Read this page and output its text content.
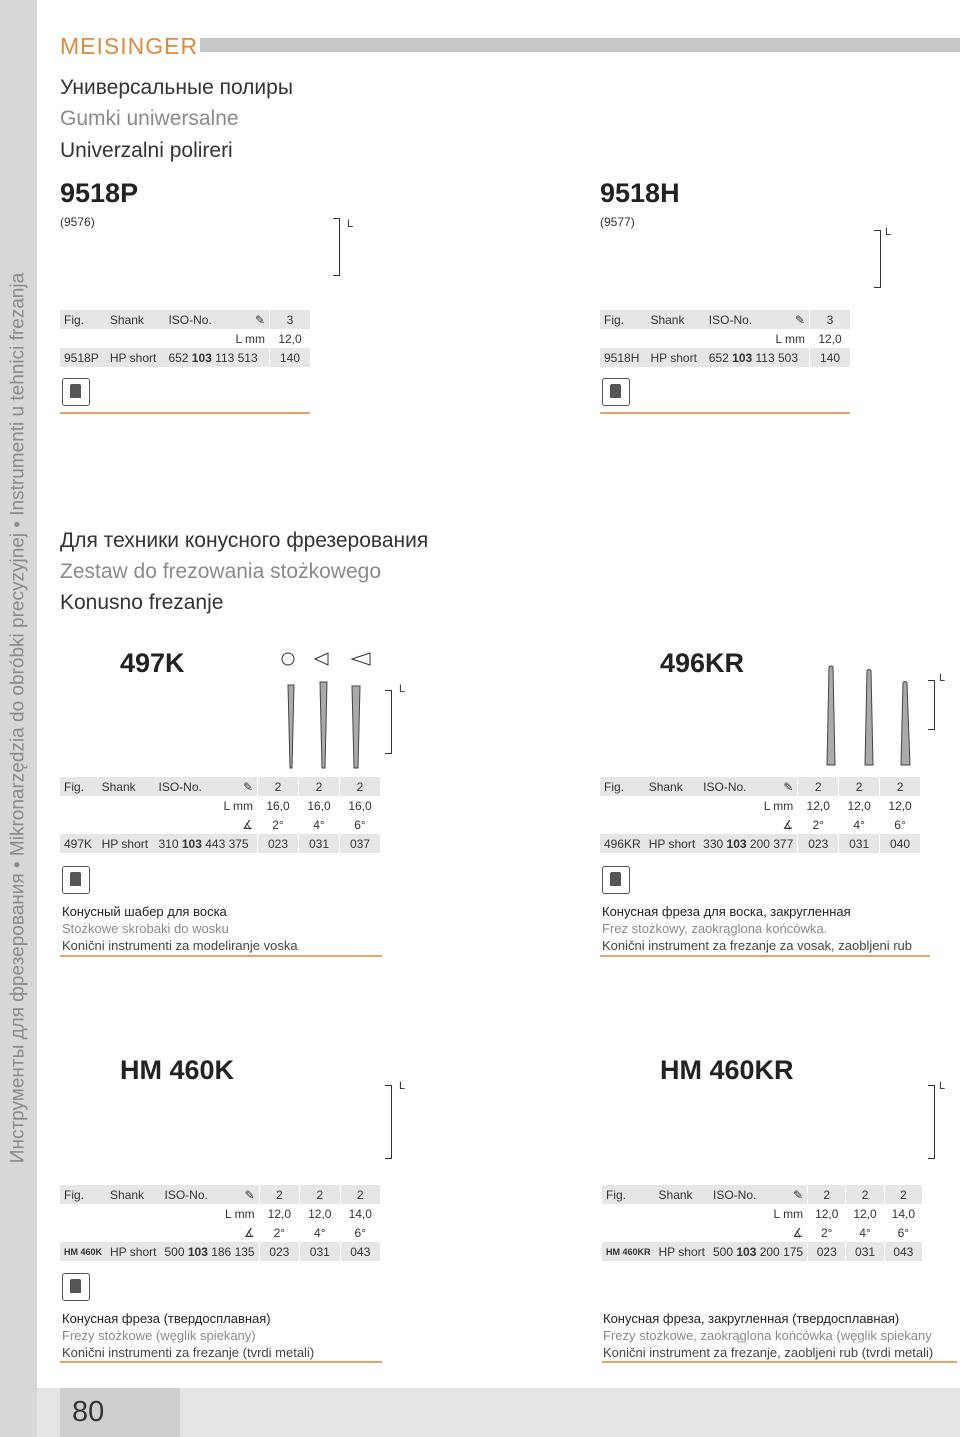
Инструменты для фрезерования • Mikronarzędzia do obróbki precyzyjnej • Instrumenti u tehnici frezanja
MEISINGER
Универсальные полиры
Gumki uniwersalne
Univerzalni polireri
9518P
(9576)	L
Fig.	Shank	ISO-No.	✎	3
			L mm	12,0
9518P	HP short	652 103 113 513		140
9518H
(9577)
L
Fig.	Shank	ISO-No.	✎	3
			L mm	12,0
9518H	HP short	652 103 113 503		140
Для техники конусного фрезерования
Zestaw do frezowania stożkowego
Konusno frezanje
497K
L
Fig.	Shank	ISO-No.	✎	2	2	2
			L mm	16,0	16,0	16,0
			∡	2°	4°	6°
497K	HP short	310 103 443 375		023	031	037
Конусный шабер для воска
Stożkowe skrobaki do wosku
Konični instrumenti za modeliranje voska
496KR	L
Fig.	Shank	ISO-No.	✎	2	2	2
			L mm	12,0	12,0	12,0
			∡	2°	4°	6°
496KR	HP short	330 103 200 377		023	031	040
Конусная фреза для воска, закругленная
Frez stożkowy, zaokrąglona końcówka.
Konični instrument za frezanje za vosak, zaobljeni rub
HM 460K
L
Fig.	Shank	ISO-No.	✎	2	2	2
			L mm	12,0	12,0	14,0
			∡	2°	4°	6°
HM 460K	HP short	500 103 186 135		023	031	043
Конусная фреза (твердосплавная)
Frezy stożkowe (węglik spiekany)
Konični instrumenti za frezanje (tvrdi metali)
HM 460KR
L
Fig.	Shank	ISO-No.	✎	2	2	2
			L mm	12,0	12,0	14,0
			∡	2°	4°	6°
HM 460KR	HP short	500 103 200 175		023	031	043
Конусная фреза, закругленная (твердосплавная)
Frezy stożkowe, zaokrąglona końcówka (węglik spiekany
Konični instrument za frezanje, zaobljeni rub (tvrdi metali)
80
